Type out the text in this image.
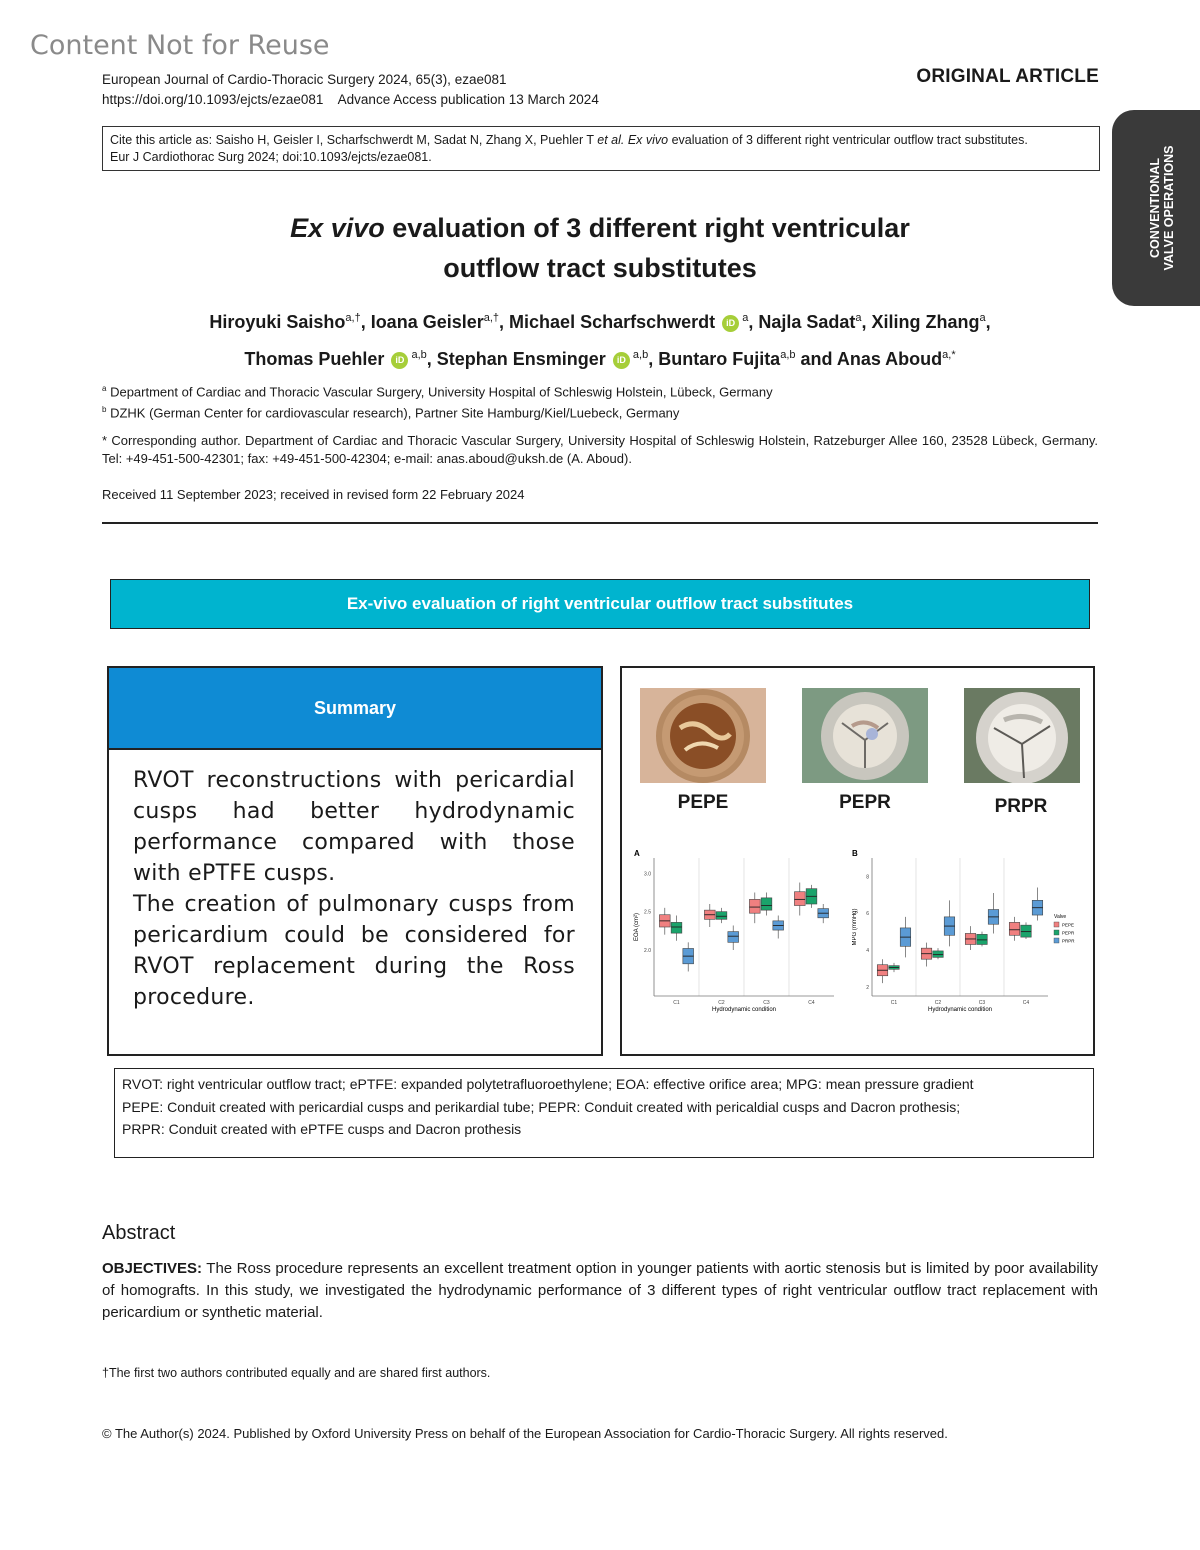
Content Not for Reuse
European Journal of Cardio-Thoracic Surgery 2024, 65(3), ezae081
https://doi.org/10.1093/ejcts/ezae081    Advance Access publication 13 March 2024
ORIGINAL ARTICLE
CONVENTIONAL VALVE OPERATIONS
Cite this article as: Saisho H, Geisler I, Scharfschwerdt M, Sadat N, Zhang X, Puehler T et al. Ex vivo evaluation of 3 different right ventricular outflow tract substitutes.
Eur J Cardiothorac Surg 2024; doi:10.1093/ejcts/ezae081.
Ex vivo evaluation of 3 different right ventricular
outflow tract substitutes
Hiroyuki Saisho$^{a,\dagger}$, Ioana Geisler$^{a,\dagger}$, Michael Scharfschwerdt iD $^a$, Najla Sadat$^a$, Xiling Zhang$^a$,
Thomas Puehler iD $^{a,b}$, Stephan Ensminger iD $^{a,b}$, Buntaro Fujita$^{a,b}$ and Anas Aboud$^{a,*}$
$^a$ Department of Cardiac and Thoracic Vascular Surgery, University Hospital of Schleswig Holstein, Lübeck, Germany
$^b$ DZHK (German Center for cardiovascular research), Partner Site Hamburg/Kiel/Luebeck, Germany
* Corresponding author. Department of Cardiac and Thoracic Vascular Surgery, University Hospital of Schleswig Holstein, Ratzeburger Allee 160, 23528 Lübeck, Germany. Tel: +49-451-500-42301; fax: +49-451-500-42304; e-mail: anas.aboud@uksh.de (A. Aboud).
Received 11 September 2023; received in revised form 22 February 2024
Ex-vivo evaluation of right ventricular outflow tract substitutes
Summary

RVOT reconstructions with pericardial cusps had better hydrodynamic performance compared with those with ePTFE cusps.

The creation of pulmonary cusps from pericardium could be considered for RVOT replacement during the Ross procedure.

PEPE	PEPR	PRPR
A
2.0
2.5
3.0
C1	C2	C3	C4
Hydrodynamic condition
EOA (cm²)
B
2
4
6
8
C1	C2	C3	C4
Hydrodynamic condition
MPG (mmHg)	Valve
PEPE
PEPR
PRPR
RVOT: right ventricular outflow tract; ePTFE: expanded polytetrafluoroethylene; EOA: effective orifice area; MPG: mean pressure gradient
PEPE: Conduit created with pericardial cusps and perikardial tube; PEPR: Conduit created with pericaldial cusps and Dacron prothesis;
PRPR: Conduit created with ePTFE cusps and Dacron prothesis
Abstract
OBJECTIVES: The Ross procedure represents an excellent treatment option in younger patients with aortic stenosis but is limited by poor availability of homografts. In this study, we investigated the hydrodynamic performance of 3 different types of right ventricular outflow tract replacement with pericardium or synthetic material.
†The first two authors contributed equally and are shared first authors.
© The Author(s) 2024. Published by Oxford University Press on behalf of the European Association for Cardio-Thoracic Surgery. All rights reserved.
